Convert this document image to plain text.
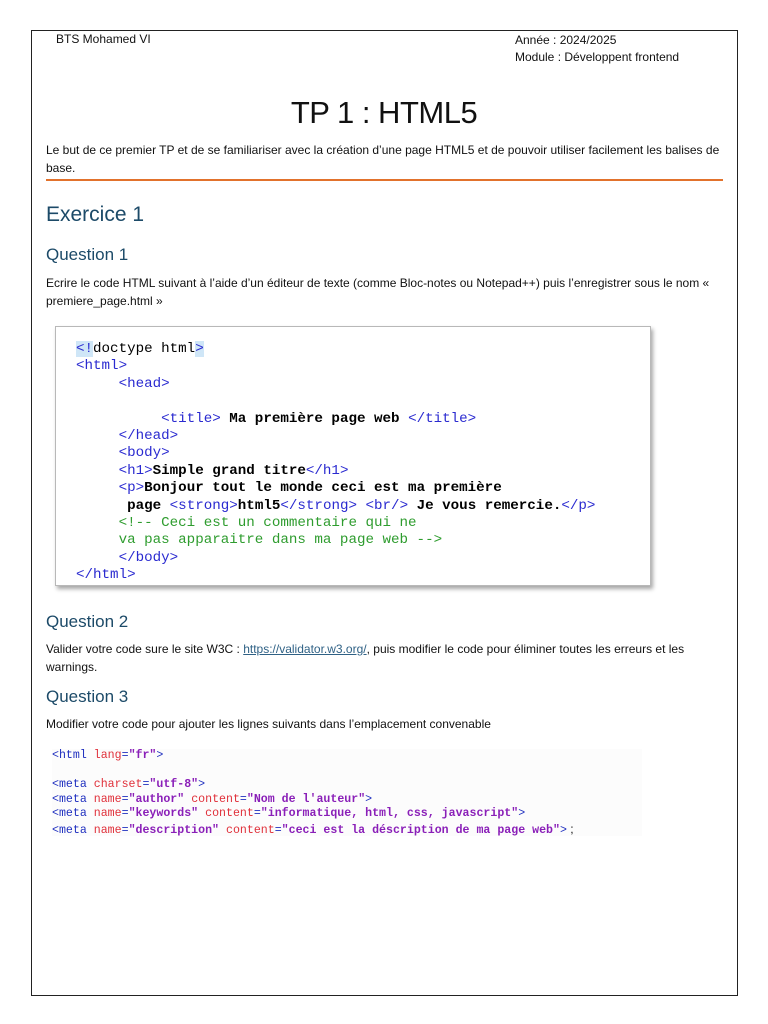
BTS Mohamed VI	Année : 2024/2025
Module : Développent frontend
TP 1 : HTML5
Le but de ce premier TP et de se familiariser avec la création d’une page HTML5 et de pouvoir utiliser facilement les balises de base.
Exercice 1
Question 1
Ecrire le code HTML suivant à l’aide d’un éditeur de texte (comme Bloc-notes ou Notepad++) puis l’enregistrer sous le nom « premiere_page.html »
<!doctype html>
<html>
<head>
<title> Ma première page web </title>
</head>
<body>
<h1>Simple grand titre</h1>
<p>Bonjour tout le monde ceci est ma première
page <strong>html5</strong> <br/> Je vous remercie.</p>
<!-- Ceci est un commentaire qui ne
va pas apparaitre dans ma page web -->
</body>
</html>
Question 2
Valider votre code sure le site W3C : https://validator.w3.org/, puis modifier le code pour éliminer toutes les erreurs et les warnings.
Question 3
Modifier votre code pour ajouter les lignes suivants dans l’emplacement convenable
<html lang="fr">
<meta charset="utf-8">
<meta name="author" content="Nom de l'auteur">
<meta name="keywords" content="informatique, html, css, javascript">
<meta name="description" content="ceci est la déscription de ma page web"> ;
